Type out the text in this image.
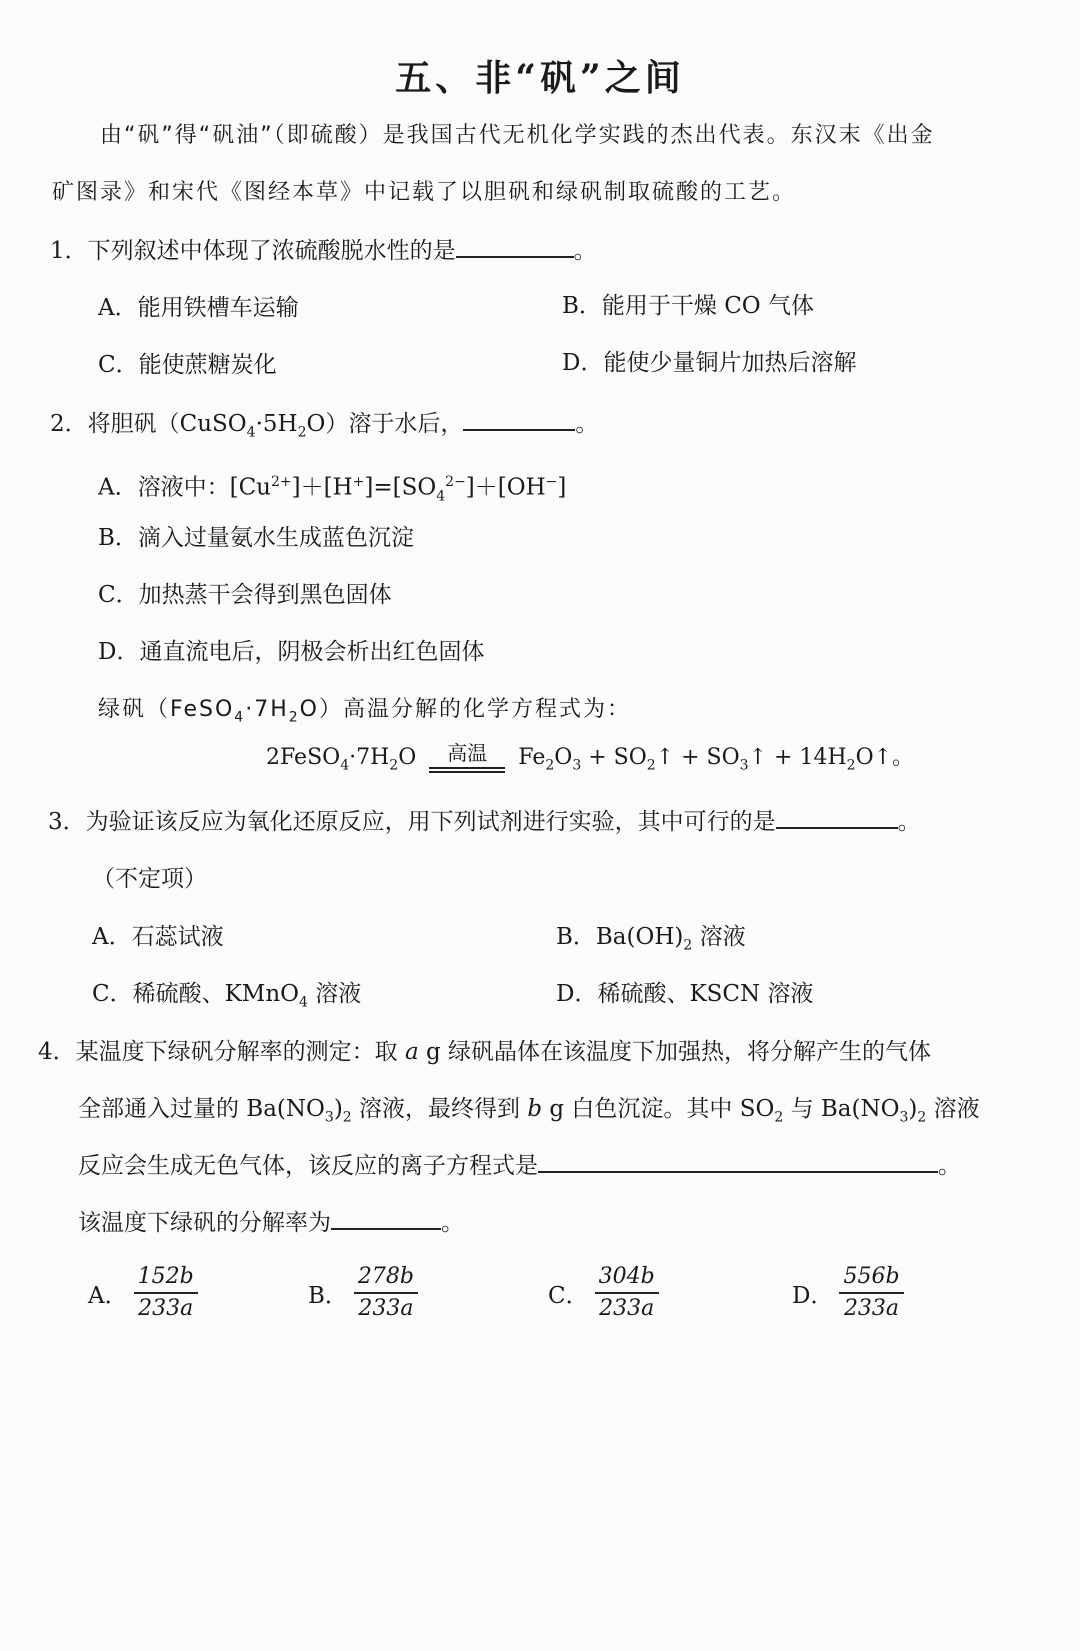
五、非“矾”之间
由“矾”得“矾油”（即硫酸）是我国古代无机化学实践的杰出代表。东汉末《出金
矿图录》和宋代《图经本草》中记载了以胆矾和绿矾制取硫酸的工艺。
1．下列叙述中体现了浓硫酸脱水性的是	。
A．能用铁槽车运输	B．能用于干燥 CO 气体
C．能使蔗糖炭化	D．能使少量铜片加热后溶解
2．将胆矾$(CuSO_4\cdot 5H_2O)$溶于水后，	。
A．溶液中：$[Cu^{2+}]+[H^+]=[SO_4^{2-}]+[OH^-]$
B．滴入过量氨水生成蓝色沉淀
C．加热蒸干会得到黑色固体
D．通直流电后，阴极会析出红色固体
绿矾$(FeSO_4\cdot 7H_2O)$高温分解的化学方程式为：
$2FeSO_4\cdot 7H_2O$	高温	$Fe_2O_3$ + $SO_2↑$ + $SO_3↑$ + $14H_2O↑$。
3．为验证该反应为氧化还原反应，用下列试剂进行实验，其中可行的是	。
（不定项）
A．石蕊试液	B．$Ba(OH)_2$ 溶液
C．稀硫酸、KMnO$_4$ 溶液	D．稀硫酸、KSCN 溶液
4．某温度下绿矾分解率的测定：取 a g 绿矾晶体在该温度下加强热，将分解产生的气体
全部通入过量的 $Ba(NO_3)_2$ 溶液，最终得到 b g 白色沉淀。其中 $SO_2$ 与 $Ba(NO_3)_2$ 溶液
反应会生成无色气体，该反应的离子方程式是	。
该温度下绿矾的分解率为	。
A． $\frac{152b}{233a}$	B． $\frac{278b}{233a}$	C． $\frac{304b}{233a}$	D． $\frac{556b}{233a}$
